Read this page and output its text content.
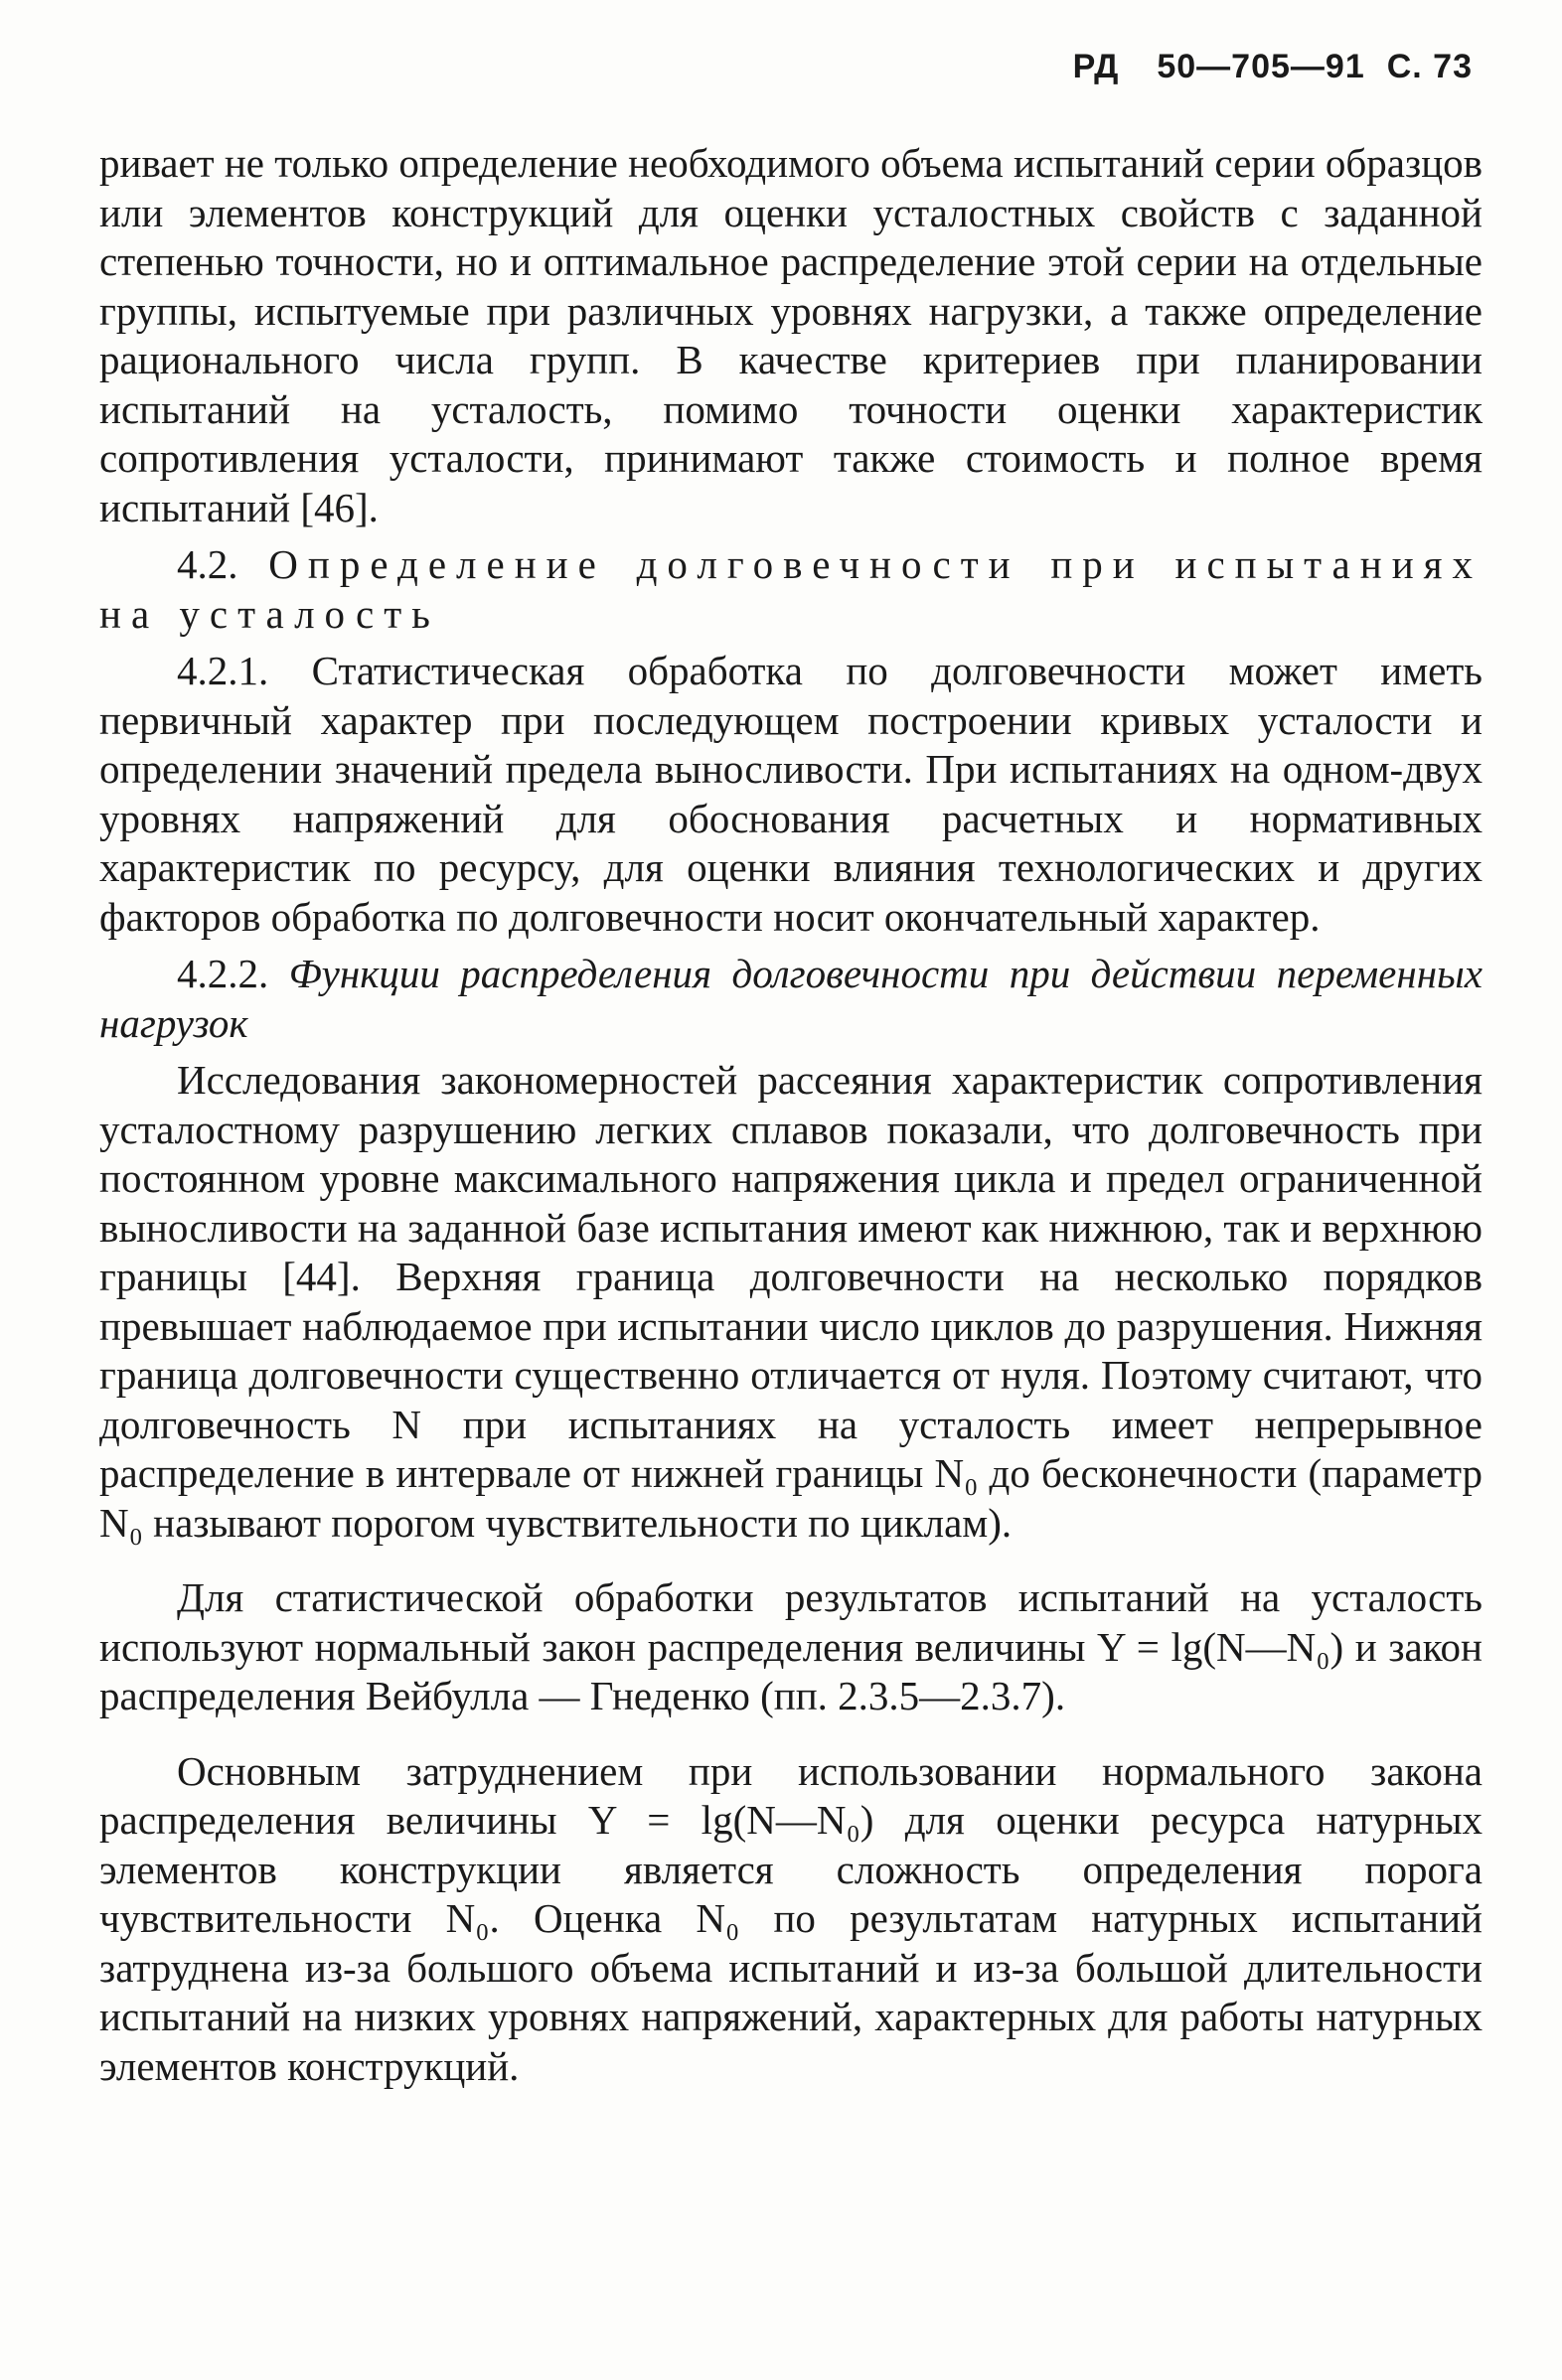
РД 50—705—91 С. 73

ривает не только определение необходимого объема испытаний серии образцов или элементов конструкций для оценки усталостных свойств с заданной степенью точности, но и оптимальное распределение этой серии на отдельные группы, испытуемые при различных уровнях нагрузки, а также определение рационального числа групп. В качестве критериев при планировании испытаний на усталость, помимо точности оценки характеристик сопротивления усталости, принимают также стоимость и полное время испытаний [46].

4.2. Определение долговечности при испытаниях на усталость

4.2.1. Статистическая обработка по долговечности может иметь первичный характер при последующем построении кривых усталости и определении значений предела выносливости. При испытаниях на одном-двух уровнях напряжений для обоснования расчетных и нормативных характеристик по ресурсу, для оценки влияния технологических и других факторов обработка по долговечности носит окончательный характер.

4.2.2. Функции распределения долговечности при действии переменных нагрузок

Исследования закономерностей рассеяния характеристик сопротивления усталостному разрушению легких сплавов показали, что долговечность при постоянном уровне максимального напряжения цикла и предел ограниченной выносливости на заданной базе испытания имеют как нижнюю, так и верхнюю границы [44]. Верхняя граница долговечности на несколько порядков превышает наблюдаемое при испытании число циклов до разрушения. Нижняя граница долговечности существенно отличается от нуля. Поэтому считают, что долговечность N при испытаниях на усталость имеет непрерывное распределение в интервале от нижней границы N₀ до бесконечности (параметр N₀ называют порогом чувствительности по циклам).

Для статистической обработки результатов испытаний на усталость используют нормальный закон распределения величины Y = lg(N—N₀) и закон распределения Вейбулла — Гнеденко (пп. 2.3.5—2.3.7).

Основным затруднением при использовании нормального закона распределения величины Y = lg(N—N₀) для оценки ресурса натурных элементов конструкции является сложность определения порога чувствительности N₀. Оценка N₀ по результатам натурных испытаний затруднена из-за большого объема испытаний и из-за большой длительности испытаний на низких уровнях напряжений, характерных для работы натурных элементов конструкций.
